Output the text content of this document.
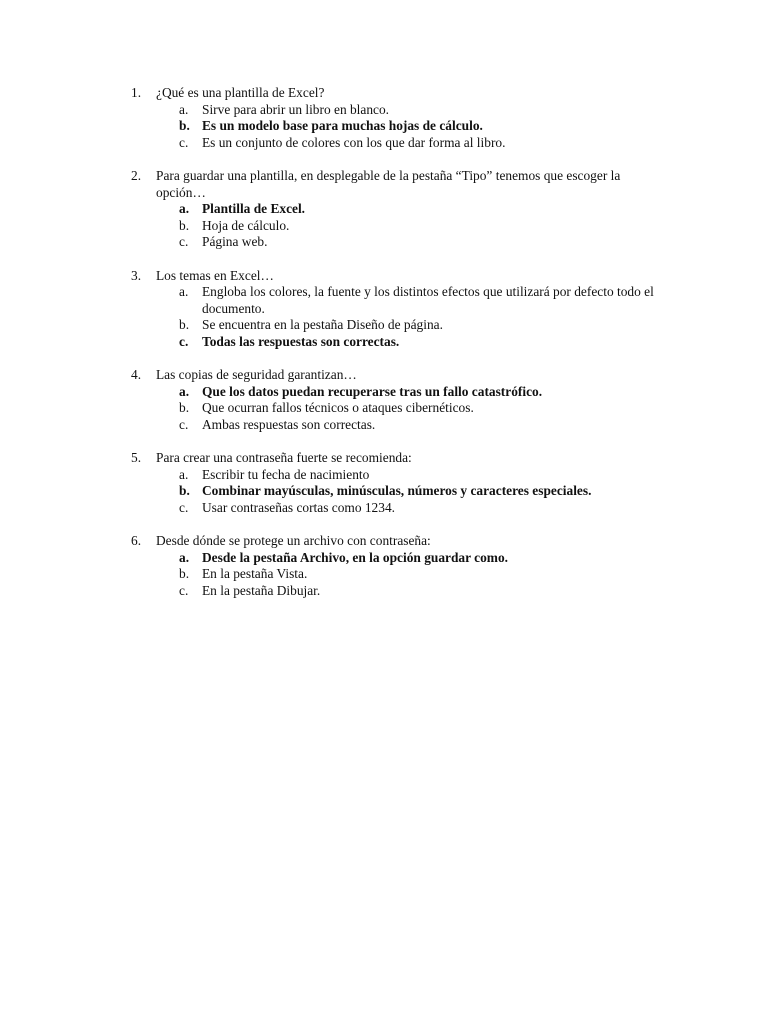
1.	¿Qué es una plantilla de Excel?
a.	Sirve para abrir un libro en blanco.
b. Es un modelo base para muchas hojas de cálculo.
c.	Es un conjunto de colores con los que dar forma al libro.
2.	Para guardar una plantilla, en desplegable de la pestaña “Tipo” tenemos que escoger la opción…
a. Plantilla de Excel.
b. Hoja de cálculo.
c.	Página web.
3.	Los temas en Excel…
a.	Engloba los colores, la fuente y los distintos efectos que utilizará por defecto todo el documento.
b. Se encuentra en la pestaña Diseño de página.
c.	Todas las respuestas son correctas.
4.	Las copias de seguridad garantizan…
a. Que los datos puedan recuperarse tras un fallo catastrófico.
b. Que ocurran fallos técnicos o ataques cibernéticos.
c.	Ambas respuestas son correctas.
5.	Para crear una contraseña fuerte se recomienda:
a.	Escribir tu fecha de nacimiento
b. Combinar mayúsculas, minúsculas, números y caracteres especiales.
c.	Usar contraseñas cortas como 1234.
6.	Desde dónde se protege un archivo con contraseña:
a. Desde la pestaña Archivo, en la opción guardar como.
b. En la pestaña Vista.
c.	En la pestaña Dibujar.
